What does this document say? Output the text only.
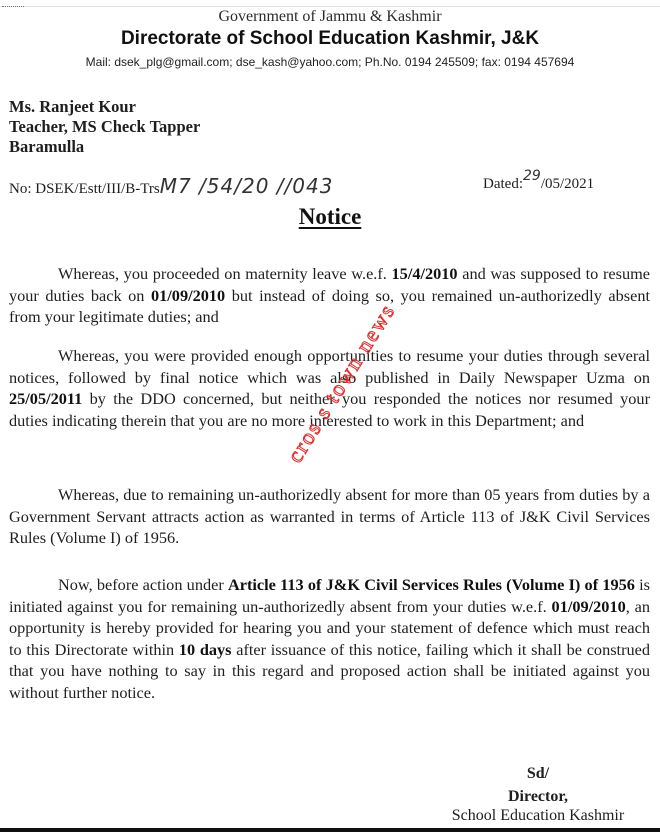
Government of Jammu & Kashmir
Directorate of School Education Kashmir, J&K
Mail: dsek_plg@gmail.com; dse_kash@yahoo.com; Ph.No. 0194 245509; fax: 0194 457694
Ms. Ranjeet Kour
Teacher, MS Check Tapper
Baramulla
No: DSEK/Estt/III/B-TrsM7 /54/20 //043	Dated:29/05/2021
Notice
Whereas, you proceeded on maternity leave w.e.f. 15/4/2010 and was supposed to resume your duties back on 01/09/2010 but instead of doing so, you remained un-authorizedly absent from your legitimate duties; and
Whereas, you were provided enough opportunities to resume your duties through several notices, followed by final notice which was also published in Daily Newspaper Uzma on 25/05/2011 by the DDO concerned, but neither you responded the notices nor resumed your duties indicating therein that you are no more interested to work in this Department; and
Whereas, due to remaining un-authorizedly absent for more than 05 years from duties by a Government Servant attracts action as warranted in terms of Article 113 of J&K Civil Services Rules (Volume I) of 1956.
Now, before action under Article 113 of J&K Civil Services Rules (Volume I) of 1956 is initiated against you for remaining un-authorizedly absent from your duties w.e.f. 01/09/2010, an opportunity is hereby provided for hearing you and your statement of defence which must reach to this Directorate within 10 days after issuance of this notice, failing which it shall be construed that you have nothing to say in this regard and proposed action shall be initiated against you without further notice.
Sd/
Director,
School Education Kashmir
cros s town news
